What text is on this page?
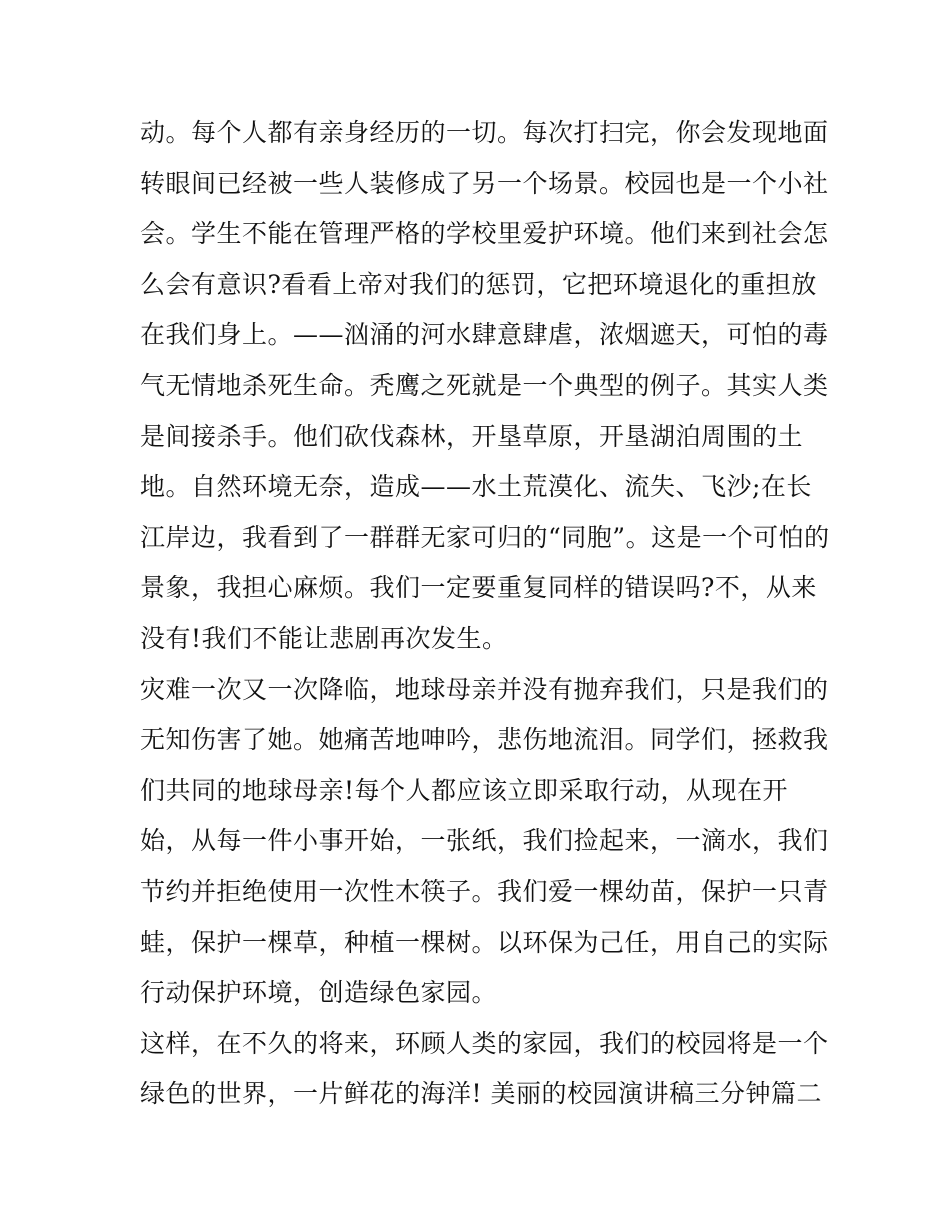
动。每个人都有亲身经历的一切。每次打扫完，你会发现地面
转眼间已经被一些人装修成了另一个场景。校园也是一个小社
会。学生不能在管理严格的学校里爱护环境。他们来到社会怎
么会有意识?看看上帝对我们的惩罚，它把环境退化的重担放
在我们身上。——汹涌的河水肆意肆虐，浓烟遮天，可怕的毒
气无情地杀死生命。秃鹰之死就是一个典型的例子。其实人类
是间接杀手。他们砍伐森林，开垦草原，开垦湖泊周围的土
地。自然环境无奈，造成——水土荒漠化、流失、飞沙;在长
江岸边，我看到了一群群无家可归的“同胞”。这是一个可怕的
景象，我担心麻烦。我们一定要重复同样的错误吗?不，从来
没有!我们不能让悲剧再次发生。
灾难一次又一次降临，地球母亲并没有抛弃我们，只是我们的
无知伤害了她。她痛苦地呻吟，悲伤地流泪。同学们，拯救我
们共同的地球母亲!每个人都应该立即采取行动，从现在开
始，从每一件小事开始，一张纸，我们捡起来，一滴水，我们
节约并拒绝使用一次性木筷子。我们爱一棵幼苗，保护一只青
蛙，保护一棵草，种植一棵树。以环保为己任，用自己的实际
行动保护环境，创造绿色家园。
这样，在不久的将来，环顾人类的家园，我们的校园将是一个
绿色的世界，一片鲜花的海洋! 美丽的校园演讲稿三分钟篇二
